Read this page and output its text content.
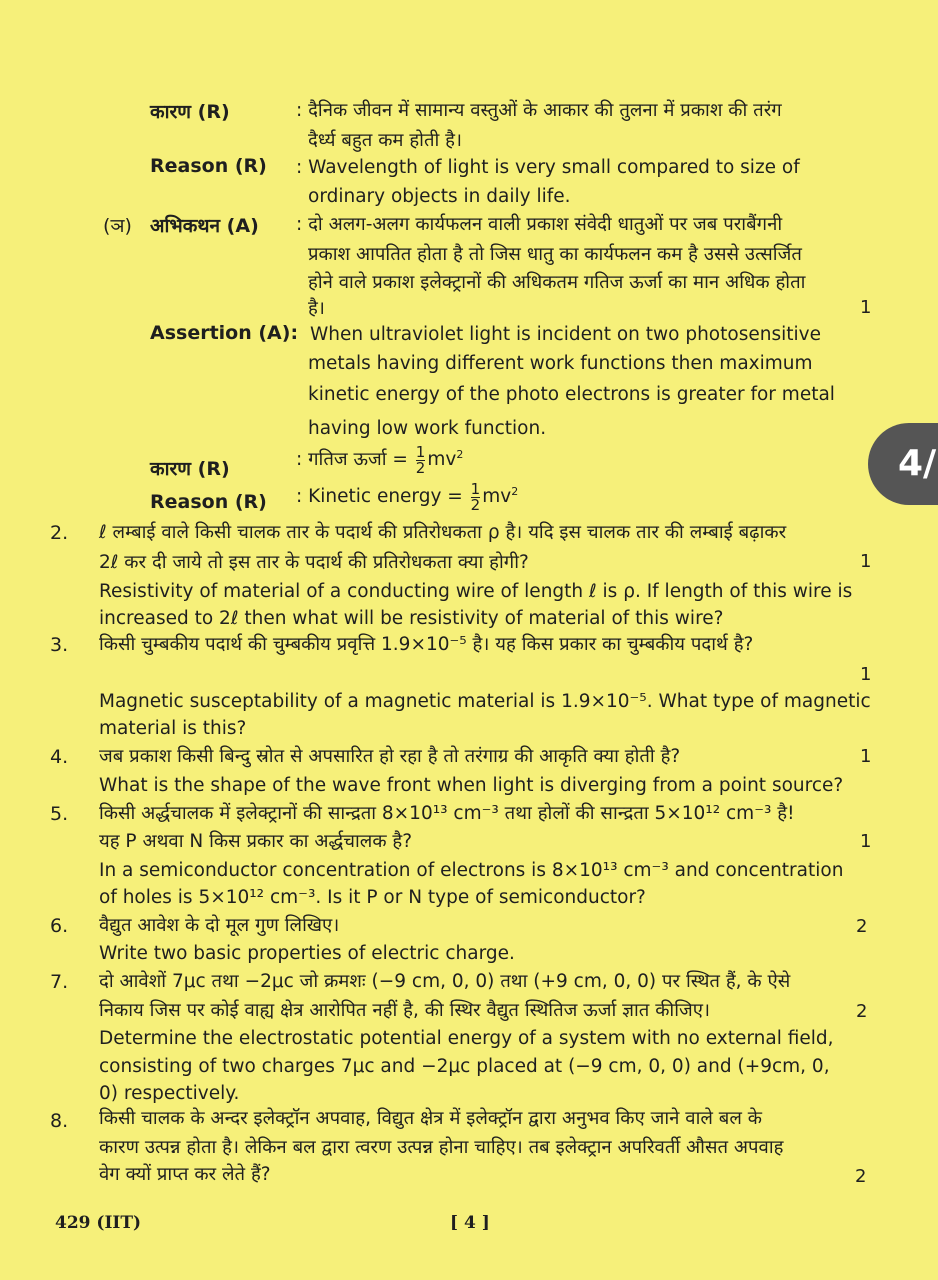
कारण (R)	: दैनिक जीवन में सामान्य वस्तुओं के आकार की तुलना में प्रकाश की तरंग
दैर्ध्य बहुत कम होती है।
Reason (R) : Wavelength of light is very small compared to size of
ordinary objects in daily life.
(ञ) अभिकथन (A) : दो अलग-अलग कार्यफलन वाली प्रकाश संवेदी धातुओं पर जब पराबैंगनी
प्रकाश आपतित होता है तो जिस धातु का कार्यफलन कम है उससे उत्सर्जित
होने वाले प्रकाश इलेक्ट्रानों की अधिकतम गतिज ऊर्जा का मान अधिक होता
है।	1
Assertion (A): When ultraviolet light is incident on two photosensitive
metals having different work functions then maximum
kinetic energy of the photo electrons is greater for metal
having low work function.
कारण (R)	: गतिज ऊर्जा = $\frac{1}{2} mv^2$
Reason (R) : Kinetic energy = $\frac{1}{2} mv^2$
2. ℓ लम्बाई वाले किसी चालक तार के पदार्थ की प्रतिरोधकता ρ है। यदि इस चालक तार की लम्बाई बढ़ाकर
2ℓ कर दी जाये तो इस तार के पदार्थ की प्रतिरोधकता क्या होगी?	1
Resistivity of material of a conducting wire of length ℓ is ρ. If length of this wire is
increased to 2ℓ then what will be resistivity of material of this wire?
3. किसी चुम्बकीय पदार्थ की चुम्बकीय प्रवृत्ति 1.9×10⁻⁵ है। यह किस प्रकार का चुम्बकीय पदार्थ है?
1
Magnetic susceptability of a magnetic material is 1.9×10⁻⁵. What type of magnetic
material is this?
4. जब प्रकाश किसी बिन्दु स्रोत से अपसारित हो रहा है तो तरंगाग्र की आकृति क्या होती है?	1
What is the shape of the wave front when light is diverging from a point source?
5. किसी अर्द्धचालक में इलेक्ट्रानों की सान्द्रता 8×10¹³ cm⁻³ तथा होलों की सान्द्रता 5×10¹² cm⁻³ है!
यह P अथवा N किस प्रकार का अर्द्धचालक है?	1
In a semiconductor concentration of electrons is 8×10¹³ cm⁻³ and concentration
of holes is 5×10¹² cm⁻³. Is it P or N type of semiconductor?
6. वैद्युत आवेश के दो मूल गुण लिखिए।	2
Write two basic properties of electric charge.
7. दो आवेशों 7μc तथा −2μc जो क्रमशः (−9 cm, 0, 0) तथा (+9 cm, 0, 0) पर स्थित हैं, के ऐसे
निकाय जिस पर कोई वाह्य क्षेत्र आरोपित नहीं है, की स्थिर वैद्युत स्थितिज ऊर्जा ज्ञात कीजिए।	2
Determine the electrostatic potential energy of a system with no external field,
consisting of two charges 7μc and −2μc placed at (−9 cm, 0, 0) and (+9cm, 0,
0) respectively.
8. किसी चालक के अन्दर इलेक्ट्रॉन अपवाह, विद्युत क्षेत्र में इलेक्ट्रॉन द्वारा अनुभव किए जाने वाले बल के
कारण उत्पन्न होता है। लेकिन बल द्वारा त्वरण उत्पन्न होना चाहिए। तब इलेक्ट्रान अपरिवर्ती औसत अपवाह
वेग क्यों प्राप्त कर लेते हैं?	2
4/
429 (IIT)	[ 4 ]
